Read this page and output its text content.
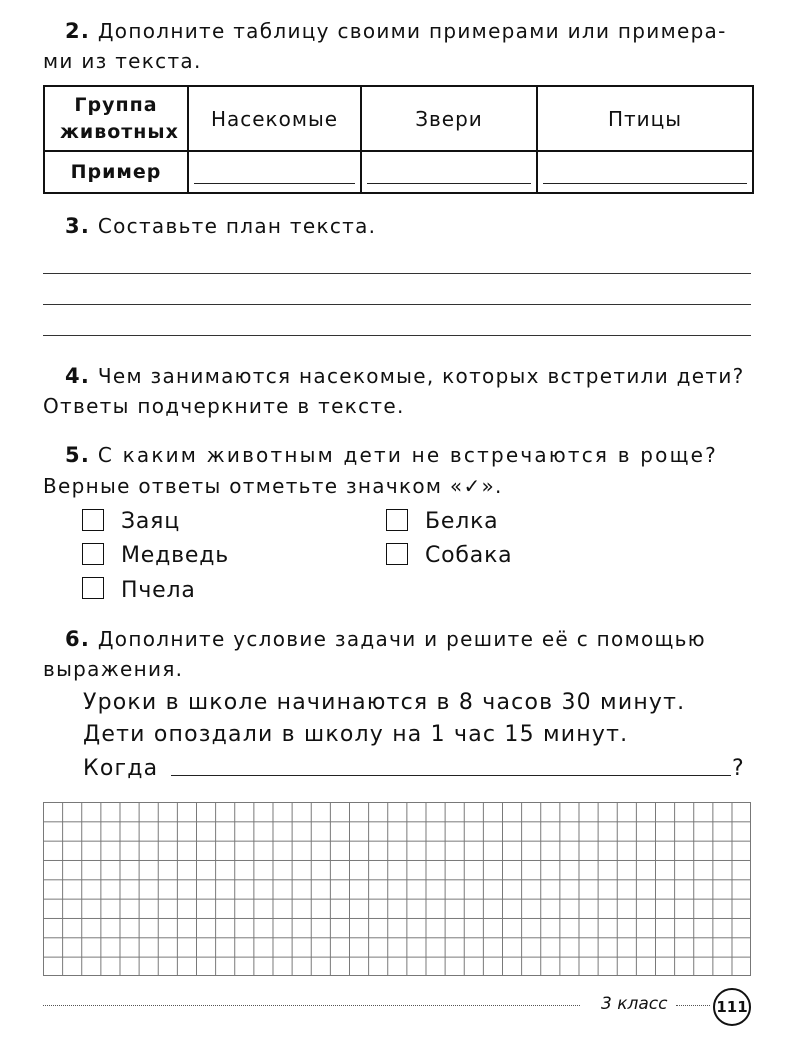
2. Дополните таблицу своими примерами или примера-
ми из текста.
Группа животных	Насекомые	Звери	Птицы
Пример	

3. Составьте план текста.
4. Чем занимаются насекомые, которых встретили дети?
Ответы подчеркните в тексте.
5. С каким животным дети не встречаются в роще?
Верные ответы отметьте значком «✓».
Заяц	Белка
Медведь	Собака
Пчела
6. Дополните условие задачи и решите её с помощью
выражения.
Уроки в школе начинаются в 8 часов 30 минут.
Дети опоздали в школу на 1 час 15 минут.
Когда	?
3 класс	111
